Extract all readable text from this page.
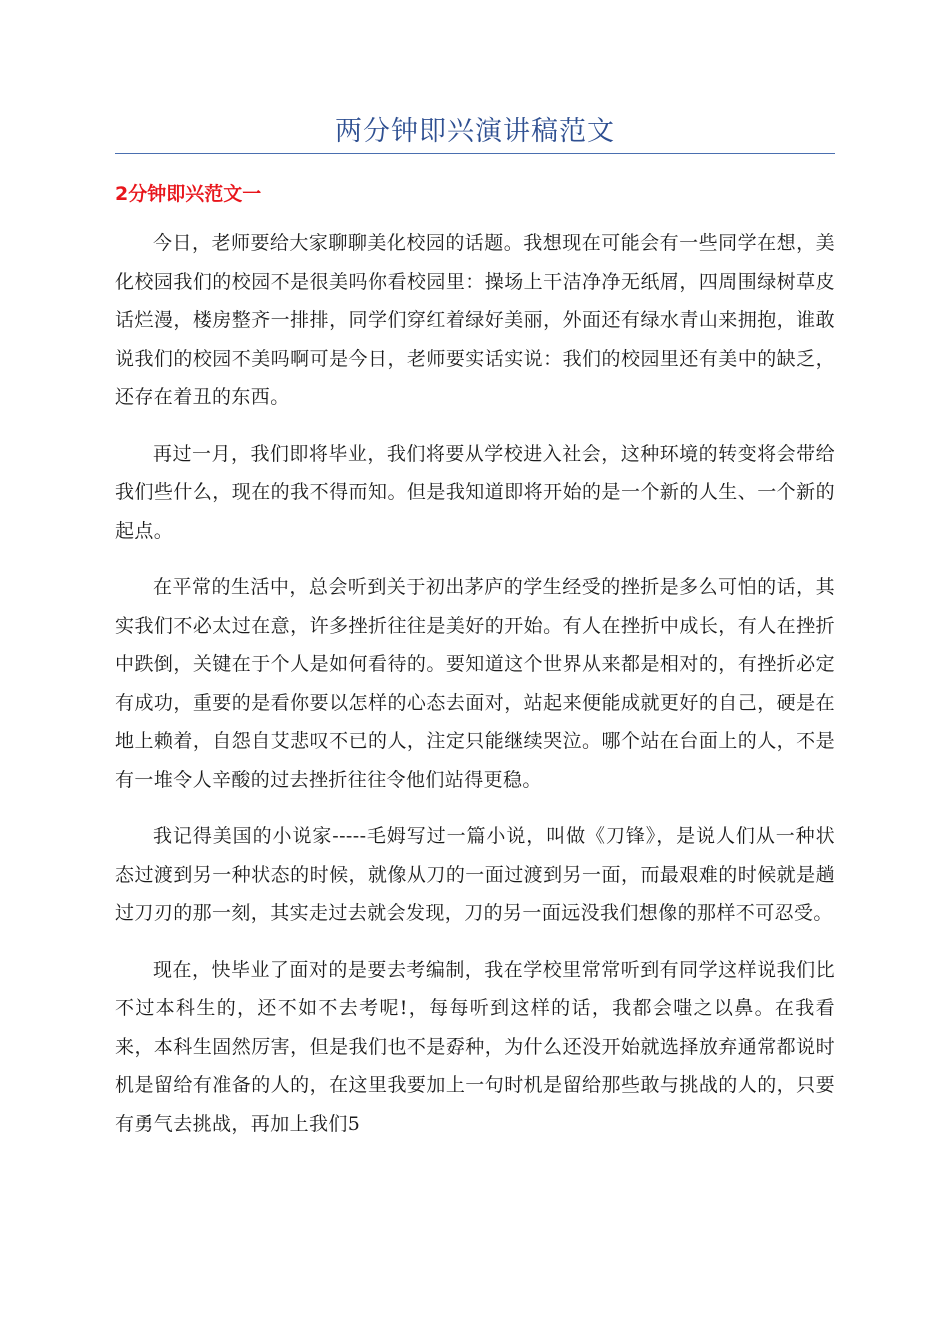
两分钟即兴演讲稿范文
2分钟即兴范文一

今日，老师要给大家聊聊美化校园的话题。我想现在可能会有一些同学在想，美化校园我们的校园不是很美吗你看校园里：操场上干洁净净无纸屑，四周围绿树草皮话烂漫，楼房整齐一排排，同学们穿红着绿好美丽，外面还有绿水青山来拥抱，谁敢说我们的校园不美吗啊可是今日，老师要实话实说：我们的校园里还有美中的缺乏，还存在着丑的东西。

再过一月，我们即将毕业，我们将要从学校进入社会，这种环境的转变将会带给我们些什么，现在的我不得而知。但是我知道即将开始的是一个新的人生、一个新的起点。

在平常的生活中，总会听到关于初出茅庐的学生经受的挫折是多么可怕的话，其实我们不必太过在意，许多挫折往往是美好的开始。有人在挫折中成长，有人在挫折中跌倒，关键在于个人是如何看待的。要知道这个世界从来都是相对的，有挫折必定有成功，重要的是看你要以怎样的心态去面对，站起来便能成就更好的自己，硬是在地上赖着，自怨自艾悲叹不已的人，注定只能继续哭泣。哪个站在台面上的人，不是有一堆令人辛酸的过去挫折往往令他们站得更稳。

我记得美国的小说家-----毛姆写过一篇小说，叫做《刀锋》，是说人们从一种状态过渡到另一种状态的时候，就像从刀的一面过渡到另一面，而最艰难的时候就是趟过刀刃的那一刻，其实走过去就会发现，刀的另一面远没我们想像的那样不可忍受。

现在，快毕业了面对的是要去考编制，我在学校里常常听到有同学这样说我们比不过本科生的，还不如不去考呢!，每每听到这样的话，我都会嗤之以鼻。在我看来，本科生固然厉害，但是我们也不是孬种，为什么还没开始就选择放弃通常都说时机是留给有准备的人的，在这里我要加上一句时机是留给那些敢与挑战的人的，只要有勇气去挑战，再加上我们5
